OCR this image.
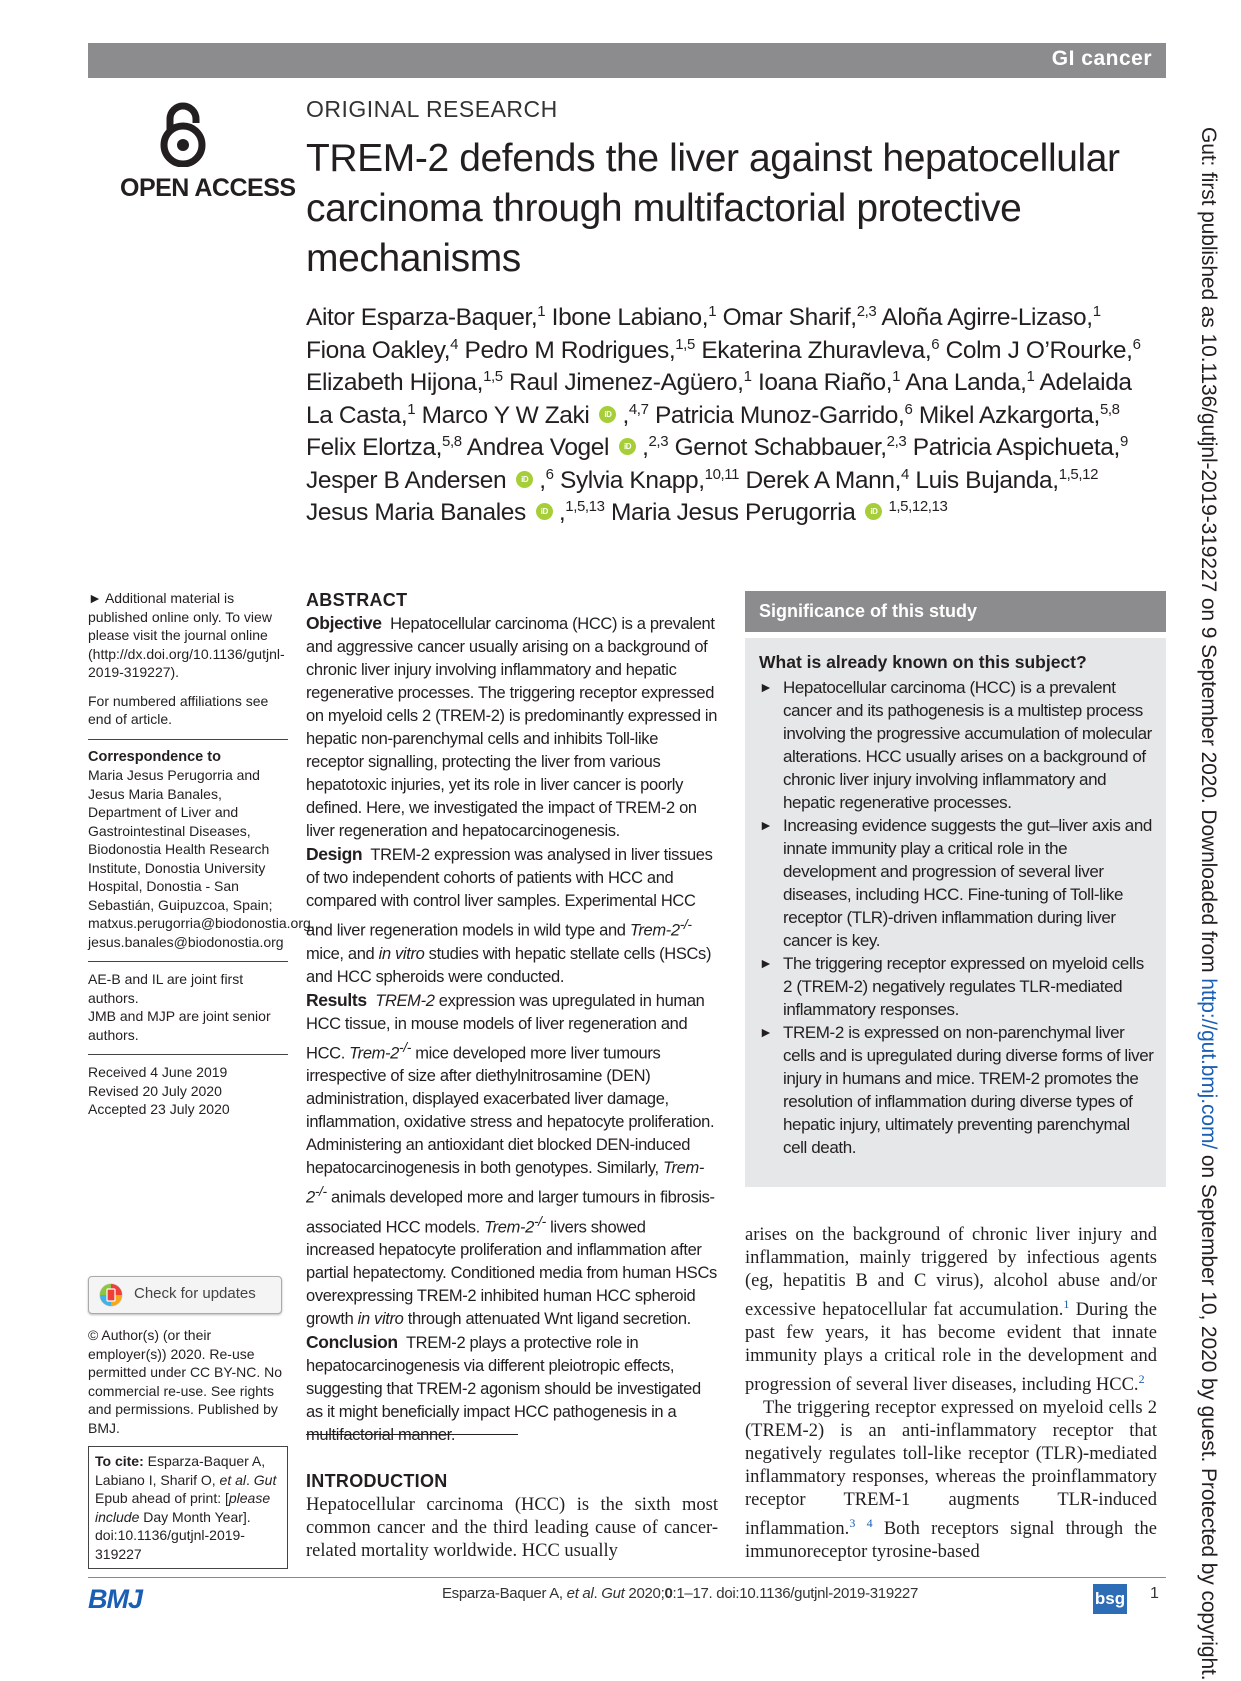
GI cancer
OPEN ACCESS
ORIGINAL RESEARCH
TREM-2 defends the liver against hepatocellular carcinoma through multifactorial protective mechanisms
Aitor Esparza-Baquer,$^1$ Ibone Labiano,$^1$ Omar Sharif,$^{2,3}$ Aloña Agirre-Lizaso,$^1$ Fiona Oakley,$^4$ Pedro M Rodrigues,$^{1,5}$ Ekaterina Zhuravleva,$^6$ Colm J O’Rourke,$^6$ Elizabeth Hijona,$^{1,5}$ Raul Jimenez-Agüero,$^1$ Ioana Riaño,$^1$ Ana Landa,$^1$ Adelaida La Casta,$^1$ Marco Y W Zaki iD ,$^{4,7}$ Patricia Munoz-Garrido,$^6$ Mikel Azkargorta,$^{5,8}$ Felix Elortza,$^{5,8}$ Andrea Vogel iD ,$^{2,3}$ Gernot Schabbauer,$^{2,3}$ Patricia Aspichueta,$^9$ Jesper B Andersen iD ,$^6$ Sylvia Knapp,$^{10,11}$ Derek A Mann,$^4$ Luis Bujanda,$^{1,5,12}$ Jesus Maria Banales iD ,$^{1,5,13}$ Maria Jesus Perugorria iD $^{1,5,12,13}$

► Additional material is published online only. To view please visit the journal online (http://dx.doi.org/10.1136/gutjnl-2019-319227).

For numbered affiliations see end of article.

Correspondence to

Maria Jesus Perugorria and Jesus Maria Banales, Department of Liver and Gastrointestinal Diseases, Biodonostia Health Research Institute, Donostia University Hospital, Donostia - San Sebastián, Guipuzcoa, Spain; matxus.perugorria@biodonostia.org, jesus.banales@biodonostia.org

AE-B and IL are joint first authors.

JMB and MJP are joint senior authors.

Received 4 June 2019
Revised 20 July 2020
Accepted 23 July 2020
Check for updates
© Author(s) (or their employer(s)) 2020. Re-use permitted under CC BY-NC. No commercial re-use. See rights and permissions. Published by BMJ.
To cite: Esparza-Baquer A, Labiano I, Sharif O, et al. Gut Epub ahead of print: [please include Day Month Year]. doi:10.1136/gutjnl-2019-319227
ABSTRACT

Objective Hepatocellular carcinoma (HCC) is a prevalent and aggressive cancer usually arising on a background of chronic liver injury involving inflammatory and hepatic regenerative processes. The triggering receptor expressed on myeloid cells 2 (TREM-2) is predominantly expressed in hepatic non-parenchymal cells and inhibits Toll-like receptor signalling, protecting the liver from various hepatotoxic injuries, yet its role in liver cancer is poorly defined. Here, we investigated the impact of TREM-2 on liver regeneration and hepatocarcinogenesis.

Design TREM-2 expression was analysed in liver tissues of two independent cohorts of patients with HCC and compared with control liver samples. Experimental HCC and liver regeneration models in wild type and Trem-2-/- mice, and in vitro studies with hepatic stellate cells (HSCs) and HCC spheroids were conducted.

Results TREM-2 expression was upregulated in human HCC tissue, in mouse models of liver regeneration and HCC. Trem-2-/- mice developed more liver tumours irrespective of size after diethylnitrosamine (DEN) administration, displayed exacerbated liver damage, inflammation, oxidative stress and hepatocyte proliferation. Administering an antioxidant diet blocked DEN-induced hepatocarcinogenesis in both genotypes. Similarly, Trem-2-/- animals developed more and larger tumours in fibrosis-associated HCC models. Trem-2-/- livers showed increased hepatocyte proliferation and inflammation after partial hepatectomy. Conditioned media from human HSCs overexpressing TREM-2 inhibited human HCC spheroid growth in vitro through attenuated Wnt ligand secretion.

Conclusion TREM-2 plays a protective role in hepatocarcinogenesis via different pleiotropic effects, suggesting that TREM-2 agonism should be investigated as it might beneficially impact HCC pathogenesis in a multifactorial manner.

INTRODUCTION

Hepatocellular carcinoma (HCC) is the sixth most common cancer and the third leading cause of cancer-related mortality worldwide. HCC usually

Significance of this study
What is already known on this subject?
► Hepatocellular carcinoma (HCC) is a prevalent cancer and its pathogenesis is a multistep process involving the progressive accumulation of molecular alterations. HCC usually arises on a background of chronic liver injury involving inflammatory and hepatic regenerative processes.
► Increasing evidence suggests the gut–liver axis and innate immunity play a critical role in the development and progression of several liver diseases, including HCC. Fine-tuning of Toll-like receptor (TLR)-driven inflammation during liver cancer is key.
► The triggering receptor expressed on myeloid cells 2 (TREM-2) negatively regulates TLR-mediated inflammatory responses.
► TREM-2 is expressed on non-parenchymal liver cells and is upregulated during diverse forms of liver injury in humans and mice. TREM-2 promotes the resolution of inflammation during diverse types of hepatic injury, ultimately preventing parenchymal cell death.

arises on the background of chronic liver injury and inflammation, mainly triggered by infectious agents (eg, hepatitis B and C virus), alcohol abuse and/or excessive hepatocellular fat accumulation.$^1$ During the past few years, it has become evident that innate immunity plays a critical role in the development and progression of several liver diseases, including HCC.$^2$

The triggering receptor expressed on myeloid cells 2 (TREM-2) is an anti-inflammatory receptor that negatively regulates toll-like receptor (TLR)-mediated inflammatory responses, whereas the proinflammatory receptor TREM-1 augments TLR-induced inflammation.$^3$ $^4$ Both receptors signal through the immunoreceptor tyrosine-based

Gut: first published as 10.1136/gutjnl-2019-319227 on 9 September 2020. Downloaded from http://gut.bmj.com/ on September 10, 2020 by guest. Protected by copyright.
BMJ	Esparza-Baquer A, et al. Gut 2020;0:1–17. doi:10.1136/gutjnl-2019-319227	bsg 1
